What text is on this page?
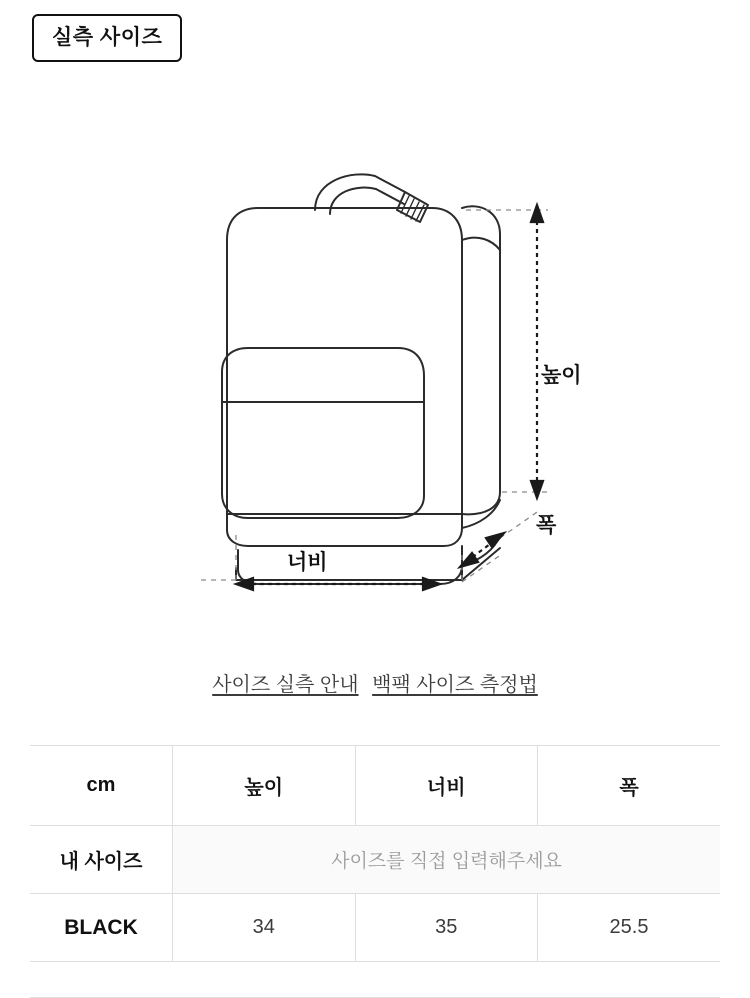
실측 사이즈
높이
너비
폭
사이즈 실측 안내 백팩 사이즈 측정법
cm	높이	너비	폭
내 사이즈	사이즈를 직접 입력해주세요		
BLACK	34	35	25.5
